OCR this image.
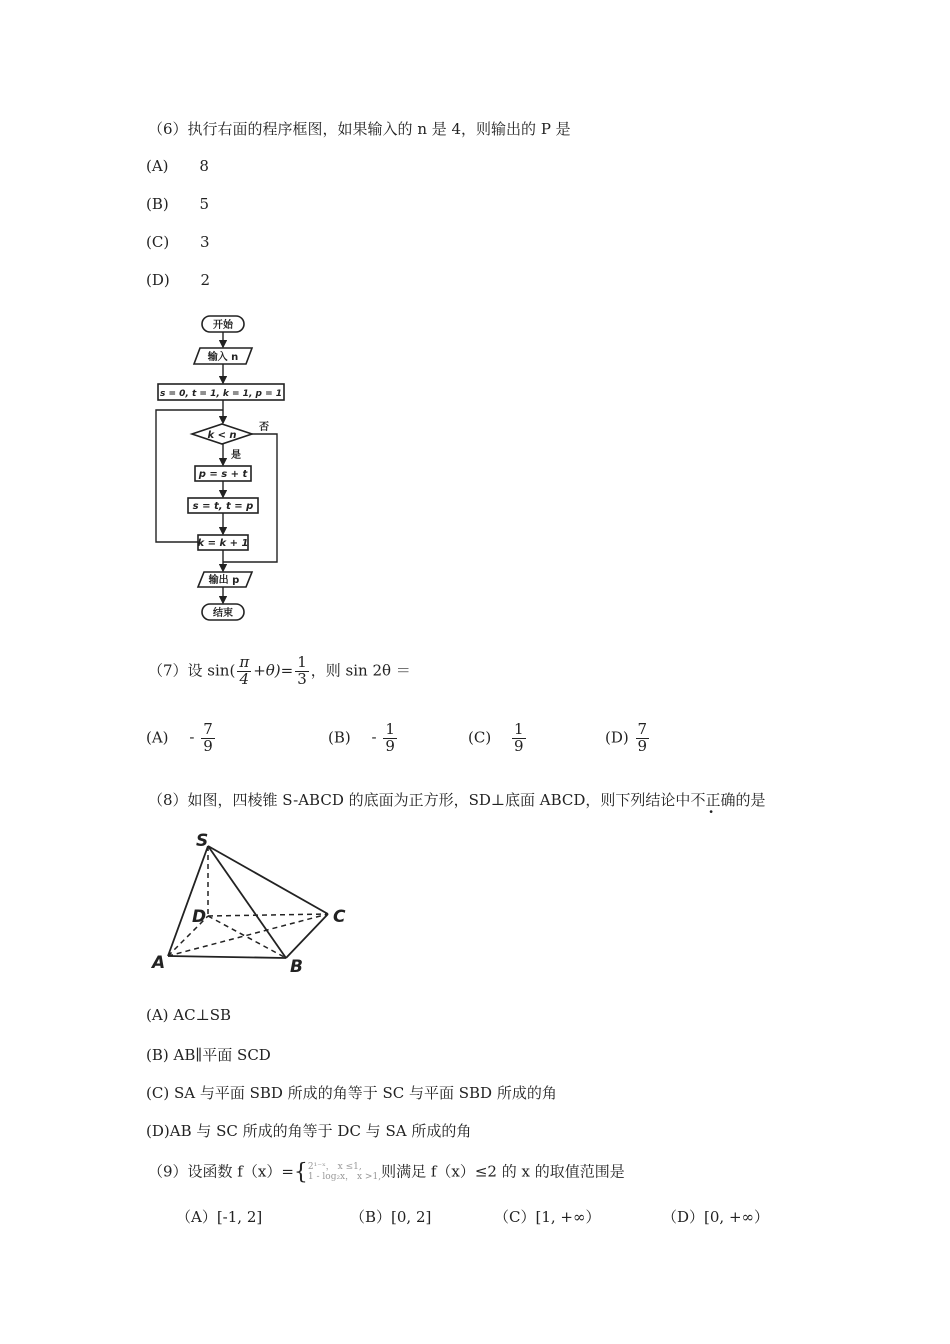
（6）执行右面的程序框图，如果输入的 n 是 4，则输出的 P 是
(A) 8
(B) 5
(C) 3
(D) 2
开始
输入 n
s = 0, t = 1, k = 1, p = 1
k < n
否
是
p = s + t
s = t, t = p
k = k + 1
输出 p
结束
（7）设 $\sin( \frac{\pi}{4} +\theta)= \frac{1}{3}$ ，则 sin 2θ ＝
$(A) - \frac{7}{9}$	$(B) - \frac{1}{9}$	$(C) \frac{1}{9}$	$(D) \frac{7}{9}$
（8）如图，四棱锥 S-ABCD 的底面为正方形，SD⊥底面 ABCD，则下列结论中不正确的是
S
A	B
C
D
(A) AC⊥SB
(B) AB∥平面 SCD
(C) SA 与平面 SBD 所成的角等于 SC 与平面 SBD 所成的角
(D)AB 与 SC 所成的角等于 DC 与 SA 所成的角
（9）设函数 f（x）={ 2¹⁻ˣ， x ≤1,
1 - log₂x， x >1, 则满足 f（x）≤2 的 x 的取值范围是
（A）[-1, 2]	（B）[0, 2]	（C）[1, +∞）	（D）[0, +∞）
